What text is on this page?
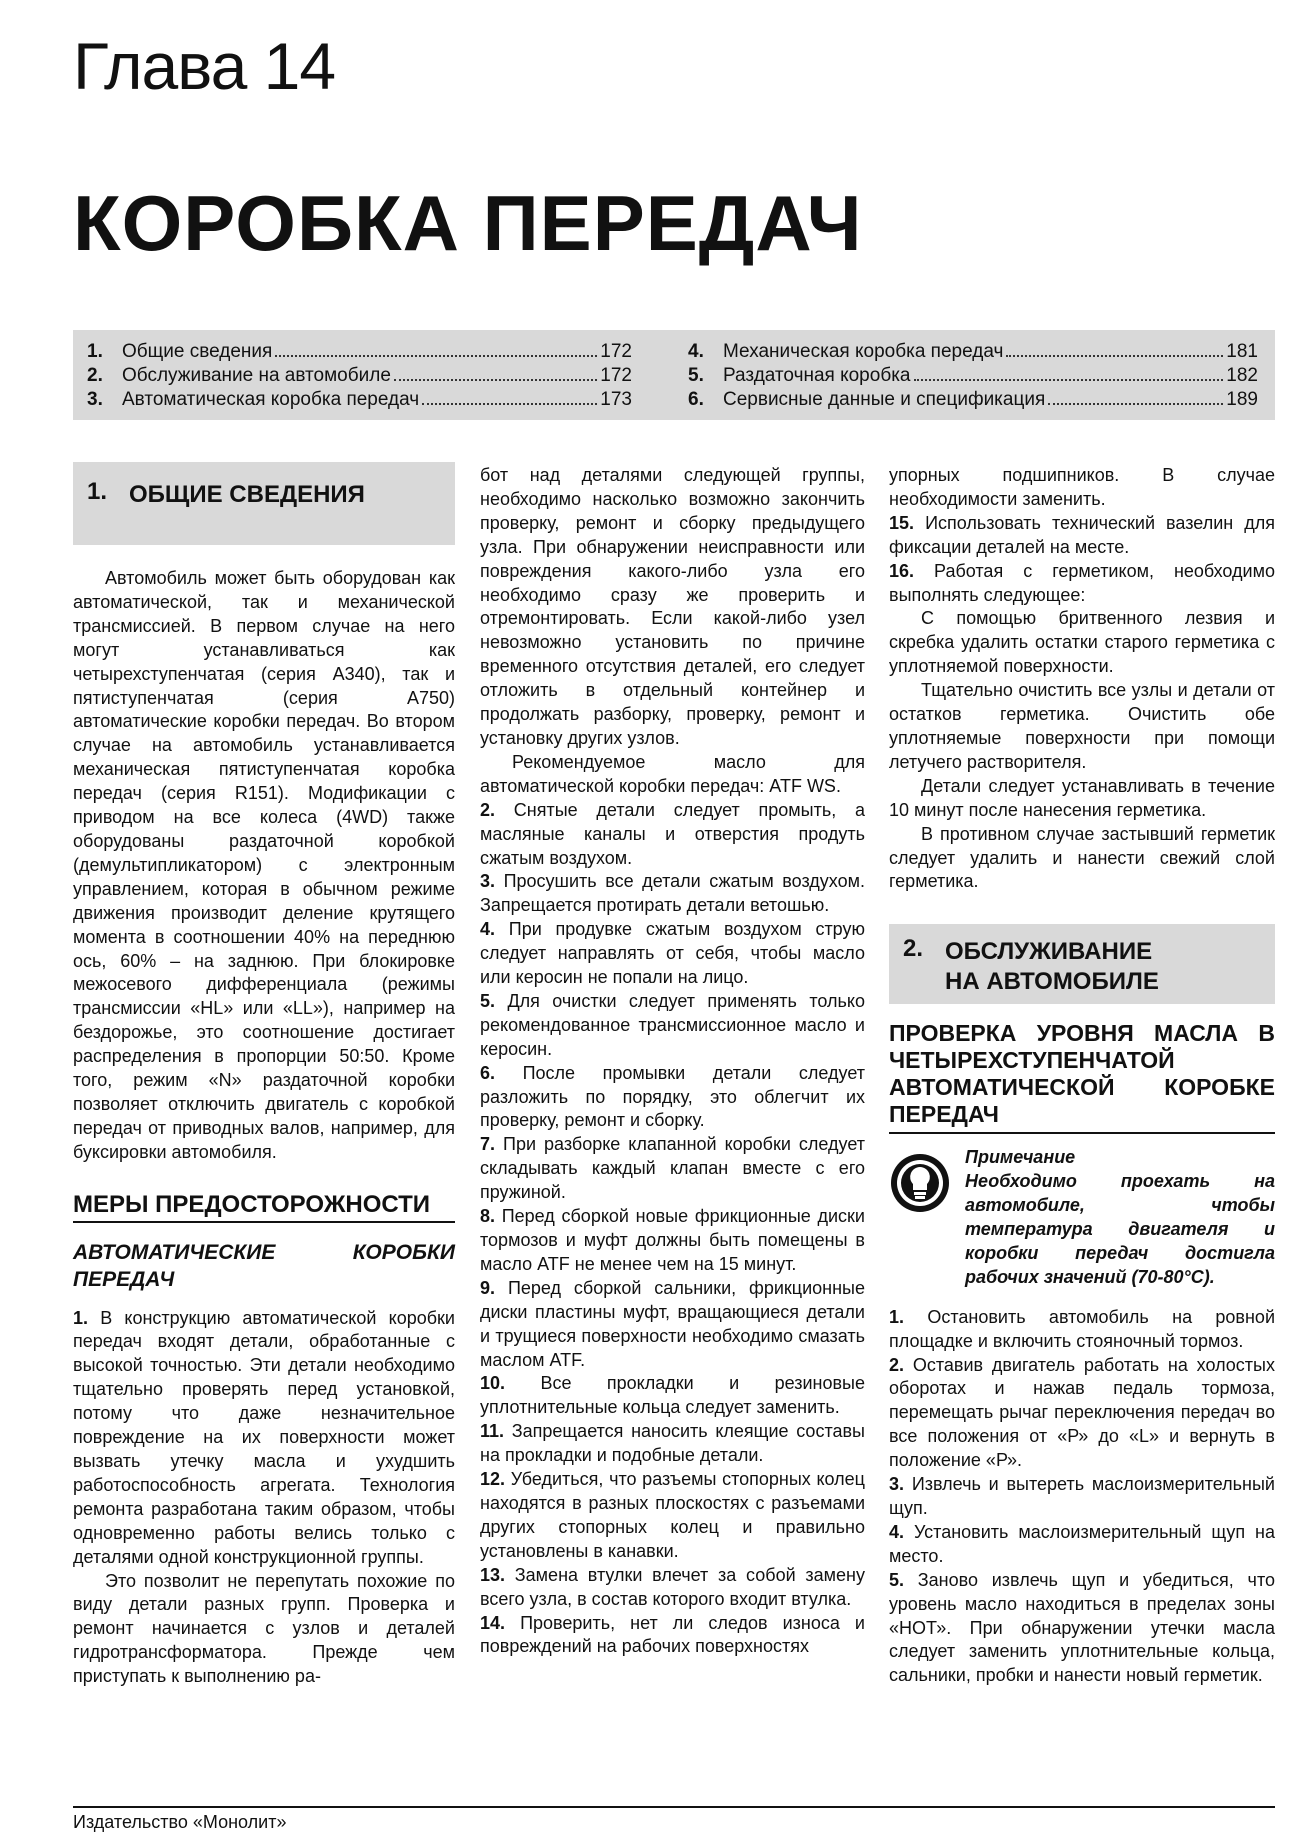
Глава 14
КОРОБКА ПЕРЕДАЧ
1.	Общие сведения	172
2.	Обслуживание на автомобиле	172
3.	Автоматическая коробка передач	173
4.	Механическая коробка передач	181
5.	Раздаточная коробка	182
6.	Сервисные данные и спецификация	189
1. ОБЩИЕ СВЕДЕНИЯ

Автомобиль может быть оборудован как автоматической, так и механической трансмиссией. В первом случае на него могут устанавливаться как четырехступенчатая (серия А340), так и пятиступенчатая (серия А750) автоматические коробки передач. Во втором случае на автомобиль устанавливается механическая пятиступенчатая коробка передач (серия R151). Модификации с приводом на все колеса (4WD) также оборудованы раздаточной коробкой (демультипликатором) с электронным управлением, которая в обычном режиме движения производит деление крутящего момента в соотношении 40% на переднюю ось, 60% – на заднюю. При блокировке межосевого дифференциала (режимы трансмиссии «HL» или «LL»), например на бездорожье, это соотношение достигает распределения в пропорции 50:50. Кроме того, режим «N» раздаточной коробки позволяет отключить двигатель с коробкой передач от приводных валов, например, для буксировки автомобиля.

МЕРЫ ПРЕДОСТОРОЖНОСТИ
АВТОМАТИЧЕСКИЕ КОРОБКИ ПЕРЕДАЧ

1. В конструкцию автоматической коробки передач входят детали, обработанные с высокой точностью. Эти детали необходимо тщательно проверять перед установкой, потому что даже незначительное повреждение на их поверхности может вызвать утечку масла и ухудшить работоспособность агрегата. Технология ремонта разработана таким образом, чтобы одновременно работы велись только с деталями одной конструкционной группы.

Это позволит не перепутать похожие по виду детали разных групп. Проверка и ремонт начинается с узлов и деталей гидротрансформатора. Прежде чем приступать к выполнению ра-

бот над деталями следующей группы, необходимо насколько возможно закончить проверку, ремонт и сборку предыдущего узла. При обнаружении неисправности или повреждения какого-либо узла его необходимо сразу же проверить и отремонтировать. Если какой-либо узел невозможно установить по причине временного отсутствия деталей, его следует отложить в отдельный контейнер и продолжать разборку, проверку, ремонт и установку других узлов.

Рекомендуемое масло для автоматической коробки передач: ATF WS.

2. Снятые детали следует промыть, а масляные каналы и отверстия продуть сжатым воздухом.

3. Просушить все детали сжатым воздухом. Запрещается протирать детали ветошью.

4. При продувке сжатым воздухом струю следует направлять от себя, чтобы масло или керосин не попали на лицо.

5. Для очистки следует применять только рекомендованное трансмиссионное масло и керосин.

6. После промывки детали следует разложить по порядку, это облегчит их проверку, ремонт и сборку.

7. При разборке клапанной коробки следует складывать каждый клапан вместе с его пружиной.

8. Перед сборкой новые фрикционные диски тормозов и муфт должны быть помещены в масло ATF не менее чем на 15 минут.

9. Перед сборкой сальники, фрикционные диски пластины муфт, вращающиеся детали и трущиеся поверхности необходимо смазать маслом ATF.

10. Все прокладки и резиновые уплотнительные кольца следует заменить.

11. Запрещается наносить клеящие составы на прокладки и подобные детали.

12. Убедиться, что разъемы стопорных колец находятся в разных плоскостях с разъемами других стопорных колец и правильно установлены в канавки.

13. Замена втулки влечет за собой замену всего узла, в состав которого входит втулка.

14. Проверить, нет ли следов износа и повреждений на рабочих поверхностях

упорных подшипников. В случае необходимости заменить.

15. Использовать технический вазелин для фиксации деталей на месте.

16. Работая с герметиком, необходимо выполнять следующее:

С помощью бритвенного лезвия и скребка удалить остатки старого герметика с уплотняемой поверхности.

Тщательно очистить все узлы и детали от остатков герметика. Очистить обе уплотняемые поверхности при помощи летучего растворителя.

Детали следует устанавливать в течение 10 минут после нанесения герметика.

В противном случае застывший герметик следует удалить и нанести свежий слой герметика.

2. ОБСЛУЖИВАНИЕ
НА АВТОМОБИЛЕ
ПРОВЕРКА УРОВНЯ МАСЛА В ЧЕТЫРЕХСТУПЕНЧАТОЙ АВТОМАТИЧЕСКОЙ КОРОБКЕ ПЕРЕДАЧ
Примечание
Необходимо проехать на автомобиле, чтобы температура двигателя и коробки передач достигла рабочих значений (70-80°С).

1. Остановить автомобиль на ровной площадке и включить стояночный тормоз.

2. Оставив двигатель работать на холостых оборотах и нажав педаль тормоза, перемещать рычаг переключения передач во все положения от «Р» до «L» и вернуть в положение «Р».

3. Извлечь и вытереть маслоизмерительный щуп.

4. Установить маслоизмерительный щуп на место.

5. Заново извлечь щуп и убедиться, что уровень масло находиться в пределах зоны «НОТ». При обнаружении утечки масла следует заменить уплотнительные кольца, сальники, пробки и нанести новый герметик.

Издательство «Монолит»
